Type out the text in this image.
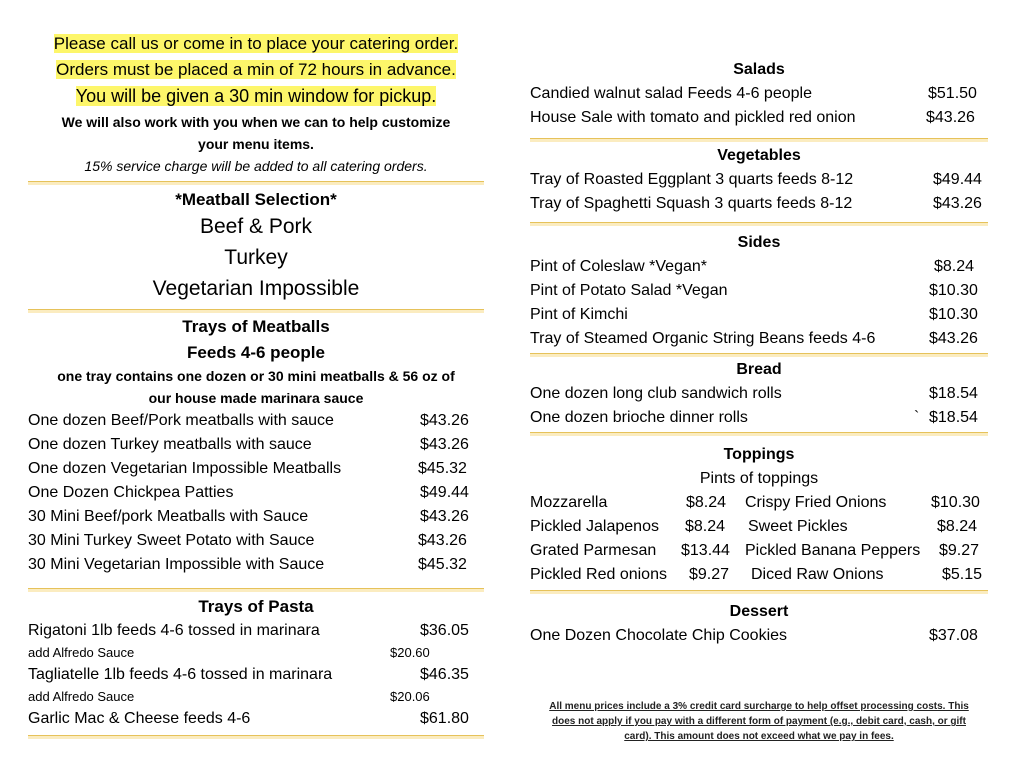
Please call us or come in to place your catering order.
Orders must be placed a min of 72 hours in advance.
You will be given a 30 min window for pickup.
We will also work with you when we can to help customize
your menu items.
15% service charge will be added to all catering orders.
*Meatball Selection*
Beef & Pork
Turkey
Vegetarian Impossible
Trays of Meatballs
Feeds 4-6 people
one tray contains one dozen or 30 mini meatballs & 56 oz of
our house made marinara sauce
One dozen Beef/Pork meatballs with sauce	$43.26
One dozen Turkey meatballs with sauce	$43.26
One dozen Vegetarian Impossible Meatballs	$45.32
One Dozen Chickpea Patties	$49.44
30 Mini Beef/pork Meatballs with Sauce	$43.26
30 Mini Turkey Sweet Potato with Sauce	$43.26
30 Mini Vegetarian Impossible with Sauce	$45.32
Trays of Pasta
Rigatoni 1lb feeds 4-6 tossed in marinara	$36.05
add Alfredo Sauce	$20.60
Tagliatelle 1lb feeds 4-6 tossed in marinara	$46.35
add Alfredo Sauce	$20.06
Garlic Mac & Cheese feeds 4-6	$61.80
Salads
Candied walnut salad Feeds 4-6 people	$51.50
House Sale with tomato and pickled red onion	$43.26
Vegetables
Tray of Roasted Eggplant 3 quarts feeds 8-12	$49.44
Tray of Spaghetti Squash 3 quarts feeds 8-12	$43.26
Sides
Pint of Coleslaw *Vegan*	$8.24
Pint of Potato Salad *Vegan	$10.30
Pint of Kimchi	$10.30
Tray of Steamed Organic String Beans feeds 4-6	$43.26
Bread
One dozen long club sandwich rolls	$18.54
One dozen brioche dinner rolls	` $18.54
Toppings
Pints of toppings
Mozzarella	$8.24 Crispy Fried Onions	$10.30
Pickled Jalapenos $8.24 Sweet Pickles	$8.24
Grated Parmesan $13.44 Pickled Banana Peppers $9.27
Pickled Red onions $9.27 Diced Raw Onions	$5.15
Dessert
One Dozen Chocolate Chip Cookies	$37.08
All menu prices include a 3% credit card surcharge to help offset processing costs. This
does not apply if you pay with a different form of payment (e.g., debit card, cash, or gift
card). This amount does not exceed what we pay in fees.
